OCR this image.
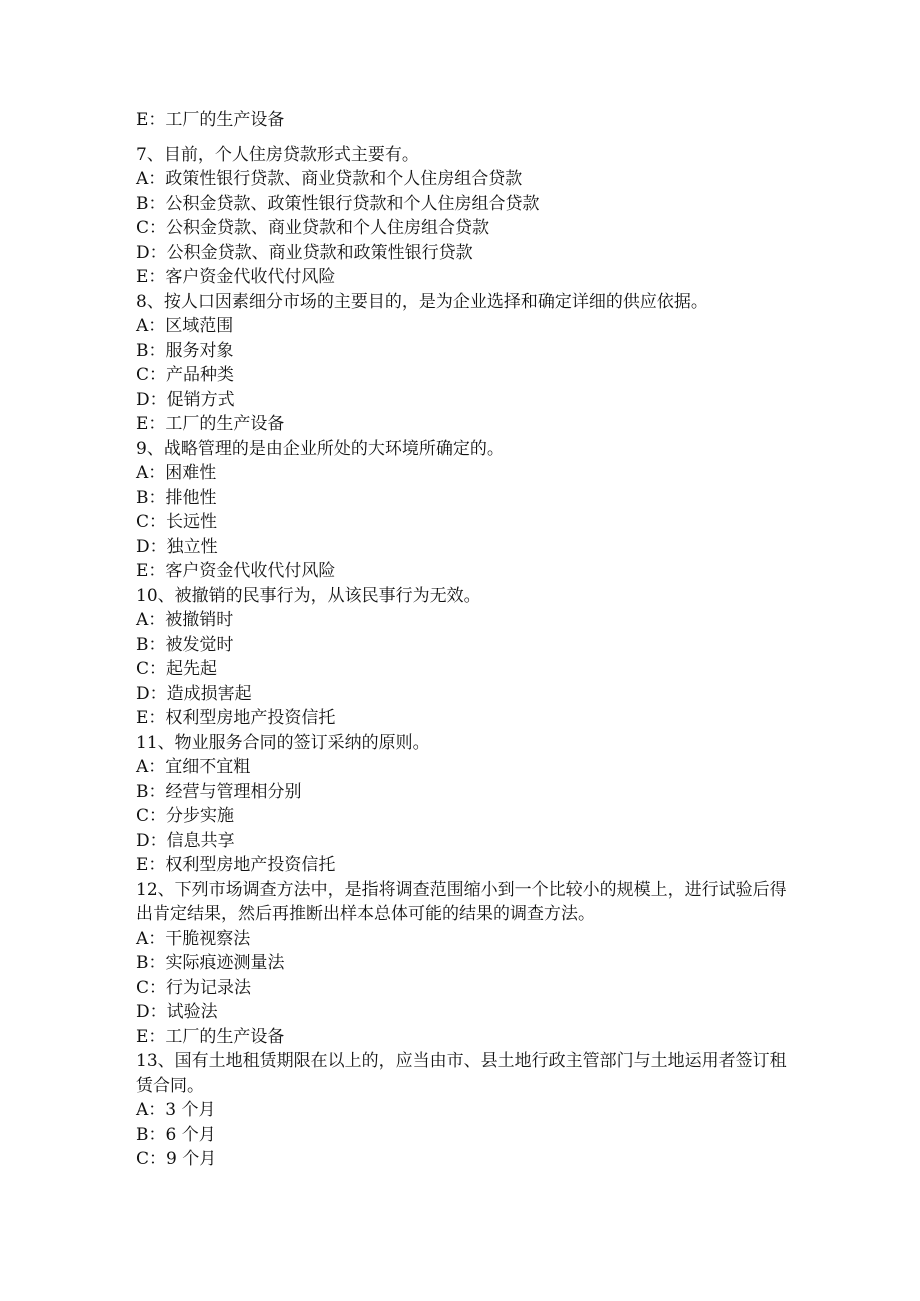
E：工厂的生产设备

7、目前，个人住房贷款形式主要有。

A：政策性银行贷款、商业贷款和个人住房组合贷款

B：公积金贷款、政策性银行贷款和个人住房组合贷款

C：公积金贷款、商业贷款和个人住房组合贷款

D：公积金贷款、商业贷款和政策性银行贷款

E：客户资金代收代付风险

8、按人口因素细分市场的主要目的，是为企业选择和确定详细的供应依据。

A：区域范围

B：服务对象

C：产品种类

D：促销方式

E：工厂的生产设备

9、战略管理的是由企业所处的大环境所确定的。

A：困难性

B：排他性

C：长远性

D：独立性

E：客户资金代收代付风险

10、被撤销的民事行为，从该民事行为无效。

A：被撤销时

B：被发觉时

C：起先起

D：造成损害起

E：权利型房地产投资信托

11、物业服务合同的签订采纳的原则。

A：宜细不宜粗

B：经营与管理相分别

C：分步实施

D：信息共享

E：权利型房地产投资信托

12、下列市场调查方法中，是指将调查范围缩小到一个比较小的规模上，进行试验后得出肯定结果，然后再推断出样本总体可能的结果的调查方法。

A：干脆视察法

B：实际痕迹测量法

C：行为记录法

D：试验法

E：工厂的生产设备

13、国有土地租赁期限在以上的，应当由市、县土地行政主管部门与土地运用者签订租赁合同。

A：3 个月

B：6 个月

C：9 个月
